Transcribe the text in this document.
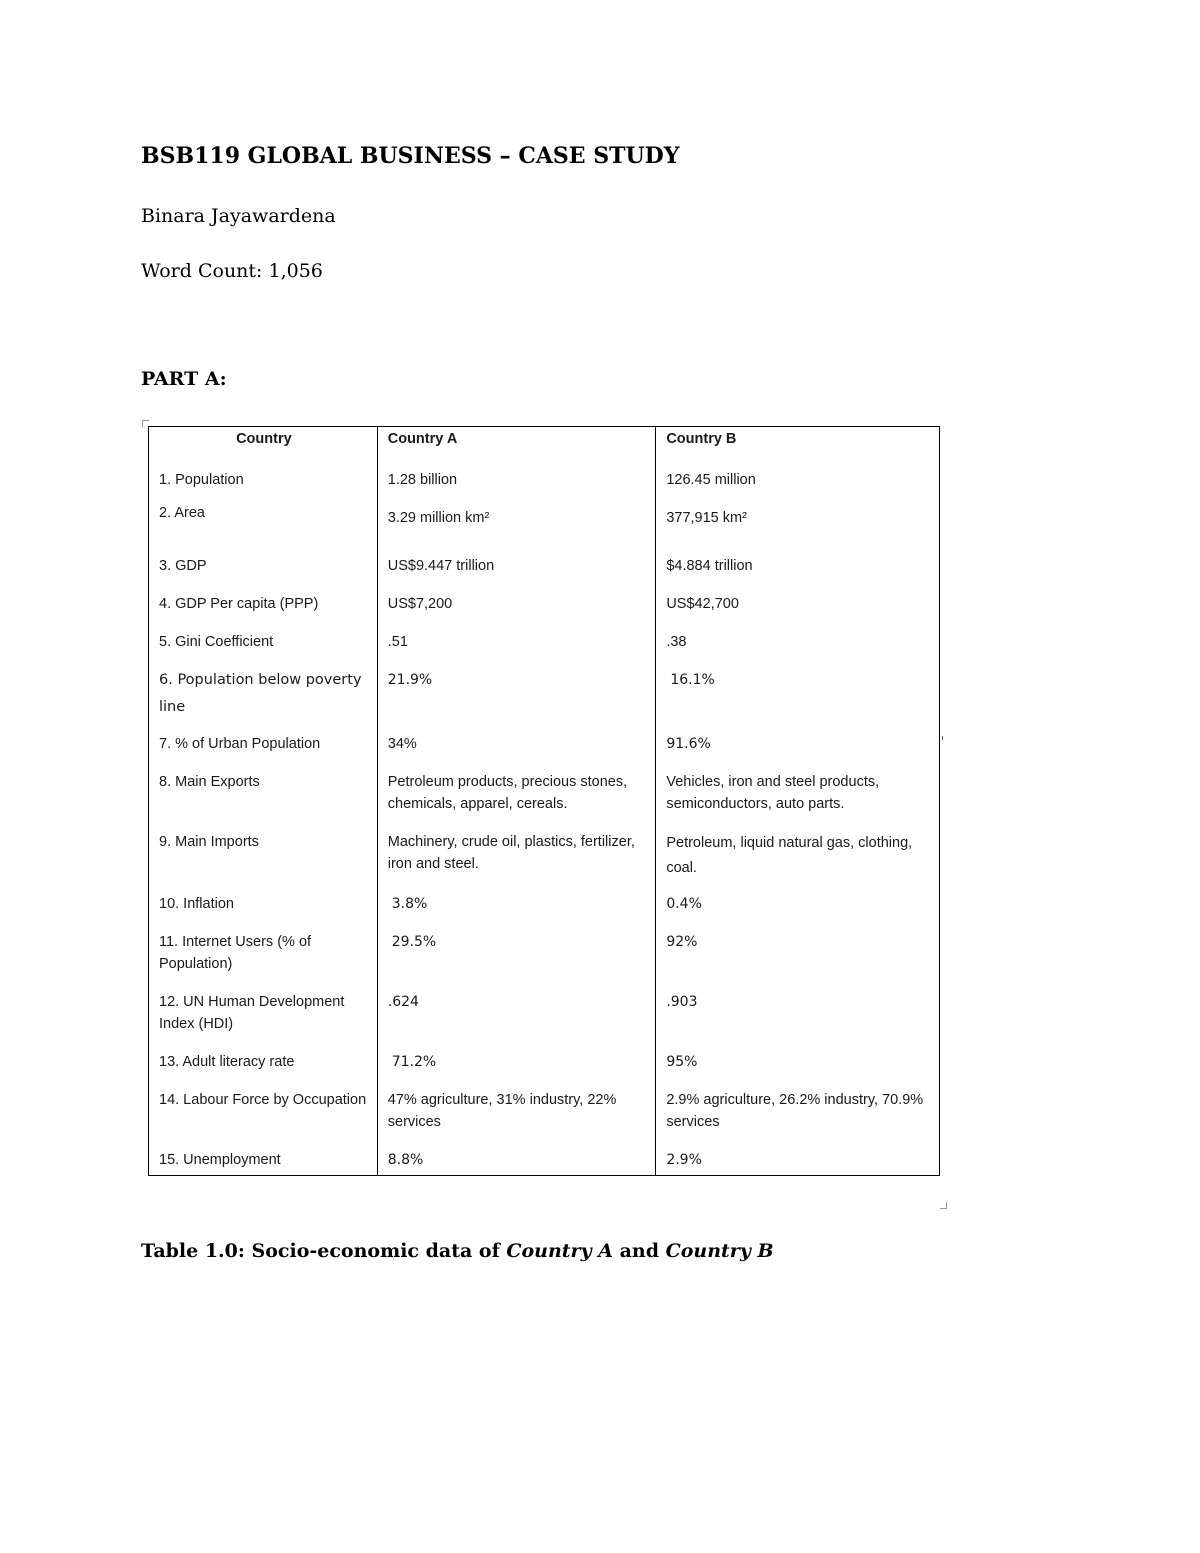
BSB119 GLOBAL BUSINESS – CASE STUDY
Binara Jayawardena
Word Count: 1,056
PART A:
Country	Country A	Country B
1. Population	1.28 billion	126.45 million
2. Area	3.29 million km²	377,915 km²
3. GDP	US$9.447 trillion	$4.884 trillion
4. GDP Per capita (PPP)	US$7,200	US$42,700
5. Gini Coefficient	.51	.38
6. Population below poverty line	21.9%	16.1%
7. % of Urban Population	34%	91.6%
8. Main Exports	Petroleum products, precious stones, chemicals, apparel, cereals.	Vehicles, iron and steel products, semiconductors, auto parts.
9. Main Imports	Machinery, crude oil, plastics, fertilizer, iron and steel.	Petroleum, liquid natural gas, clothing, coal.
10. Inflation	3.8%	0.4%
11. Internet Users (% of Population)	29.5%	92%
12. UN Human Development Index (HDI)	.624	.903
13. Adult literacy rate	71.2%	95%
14. Labour Force by Occupation	47% agriculture, 31% industry, 22% services	2.9% agriculture, 26.2% industry, 70.9% services
15. Unemployment	8.8%	2.9%
Table 1.0: Socio-economic data of Country A and Country B
